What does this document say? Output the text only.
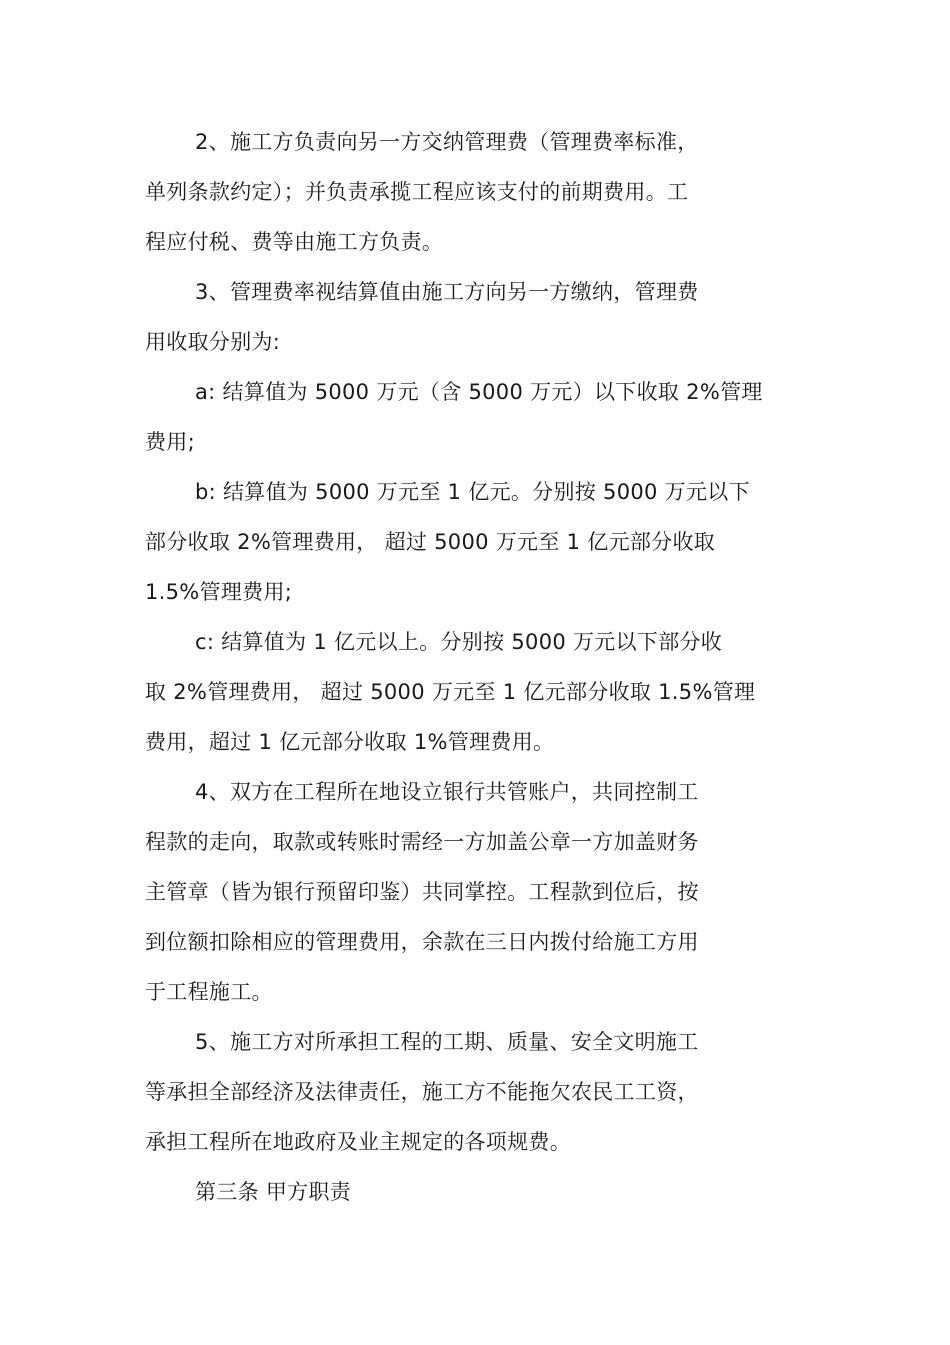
2、施工方负责向另一方交纳管理费（管理费率标准，
单列条款约定）；并负责承揽工程应该支付的前期费用。工
程应付税、费等由施工方负责。
3、管理费率视结算值由施工方向另一方缴纳，管理费
用收取分别为:
a: 结算值为 5000 万元（含 5000 万元）以下收取 2%管理
费用;
b: 结算值为 5000 万元至 1 亿元。分别按 5000 万元以下
部分收取 2%管理费用， 超过 5000 万元至 1 亿元部分收取
1.5%管理费用;
c: 结算值为 1 亿元以上。分别按 5000 万元以下部分收
取 2%管理费用， 超过 5000 万元至 1 亿元部分收取 1.5%管理
费用，超过 1 亿元部分收取 1%管理费用。
4、双方在工程所在地设立银行共管账户，共同控制工
程款的走向，取款或转账时需经一方加盖公章一方加盖财务
主管章（皆为银行预留印鉴）共同掌控。工程款到位后，按
到位额扣除相应的管理费用，余款在三日内拨付给施工方用
于工程施工。
5、施工方对所承担工程的工期、质量、安全文明施工
等承担全部经济及法律责任，施工方不能拖欠农民工工资，
承担工程所在地政府及业主规定的各项规费。
第三条 甲方职责
